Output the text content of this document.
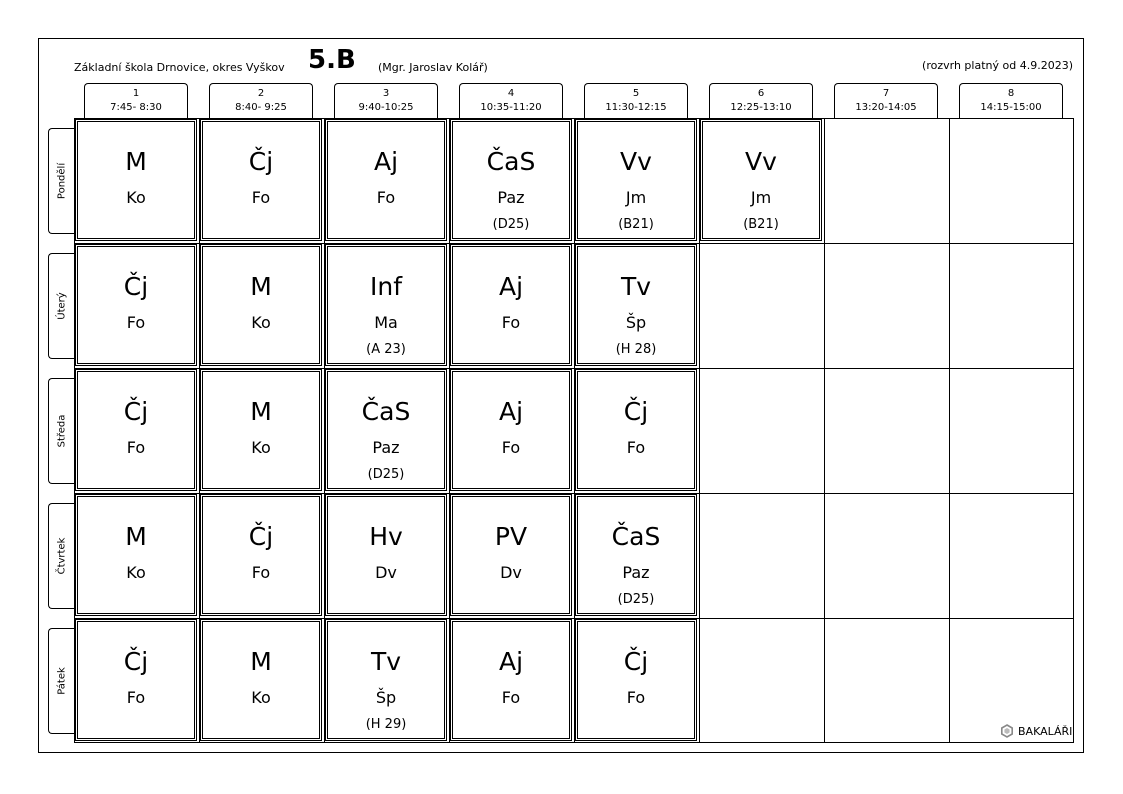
Základní škola Drnovice, okres Vyškov 5.B (Mgr. Jaroslav Kolář)	(rozvrh platný od 4.9.2023)
1
7:45- 8:30
2
8:40- 9:25
3
9:40-10:25
4
10:35-11:20
5
11:30-12:15
6
12:25-13:10
7
13:20-14:05
8
14:15-15:00
Pondělí
Úterý
Středa
Čtvrtek
Pátek
M
Ko
Čj
Fo
Aj
Fo
ČaS
Paz
(D25)
Vv
Jm
(B21)
Vv
Jm
(B21)
Čj
Fo
M
Ko
Inf
Ma
(A 23)
Aj
Fo
Tv
Šp
(H 28)
Čj
Fo
M
Ko
ČaS
Paz
(D25)
Aj
Fo
Čj
Fo
M
Ko
Čj
Fo
Hv
Dv
PV
Dv
ČaS
Paz
(D25)
Čj
Fo
M
Ko
Tv
Šp
(H 29)
Aj
Fo
Čj
Fo
BAKALÁŘI
